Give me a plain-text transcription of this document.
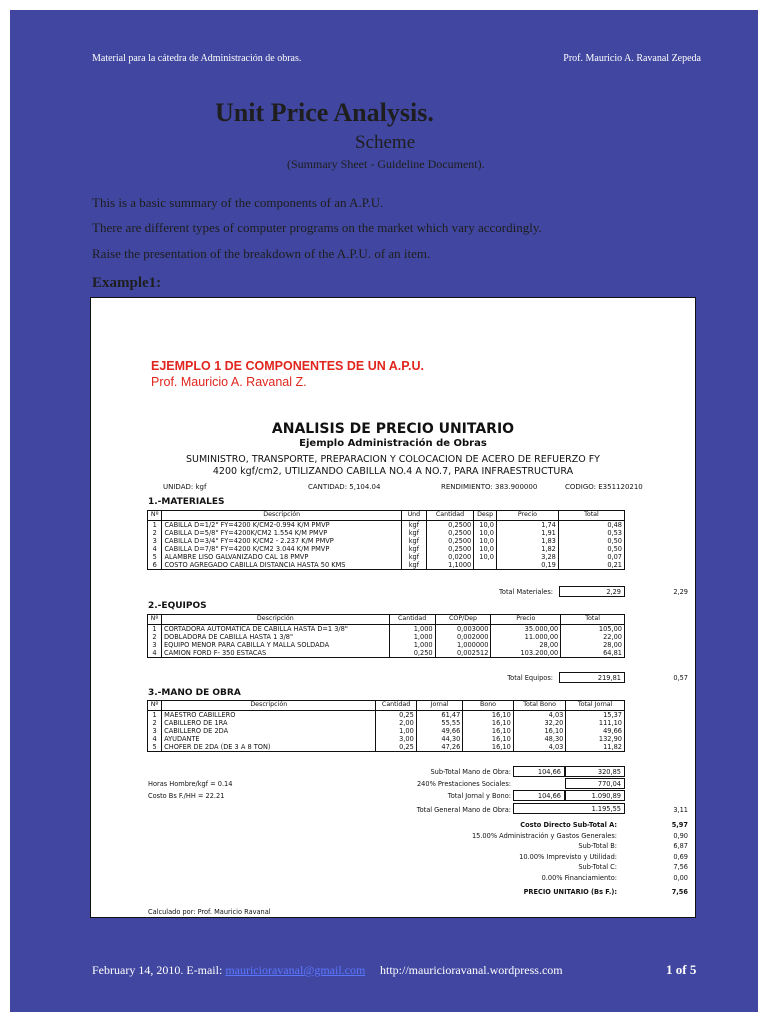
Material para la cátedra de Administración de obras.	Prof. Mauricio A. Ravanal Zepeda
Unit Price Analysis.
Scheme
(Summary Sheet - Guideline Document).
This is a basic summary of the components of an A.P.U.
There are different types of computer programs on the market which vary accordingly.
Raise the presentation of the breakdown of the A.P.U. of an item.
Example1:
EJEMPLO 1 DE COMPONENTES DE UN A.P.U.
Prof. Mauricio A. Ravanal Z.
ANALISIS DE PRECIO UNITARIO
Ejemplo Administración de Obras
SUMINISTRO, TRANSPORTE, PREPARACION Y COLOCACION DE ACERO DE REFUERZO FY
4200 kgf/cm2, UTILIZANDO CABILLA NO.4 A NO.7, PARA INFRAESTRUCTURA
UNIDAD: kgf	CANTIDAD: 5,104.04	RENDIMIENTO: 383.900000	CODIGO: E351120210
1.-MATERIALES
Nº	Descripción	Und	Cantidad	Desp	Precio	Total
1	CABILLA D=1/2" FY=4200 K/CM2-0.994 K/M PMVP	kgf	0,2500	10,0	1,74	0,48
2	CABILLA D=5/8" FY=4200K/CM2 1.554 K/M PMVP	kgf	0,2500	10,0	1,91	0,53
3	CABILLA D=3/4" FY=4200 K/CM2 - 2.237 K/M PMVP	kgf	0,2500	10,0	1,83	0,50
4	CABILLA D=7/8" FY=4200 K/CM2 3.044 K/M PMVP	kgf	0,2500	10,0	1,82	0,50
5	ALAMBRE LISO GALVANIZADO CAL 18 PMVP	kgf	0,0200	10,0	3,28	0,07
6	COSTO AGREGADO CABILLA DISTANCIA HASTA 50 KMS	kgf	1,1000		0,19	0,21
Total Materiales:	2,29	2,29
2.-EQUIPOS
Nº	Descripción	Cantidad	COP/Dep	Precio	Total
1	CORTADORA AUTOMATICA DE CABILLA HASTA D=1 3/8"	1,000	0,003000	35.000,00	105,00
2	DOBLADORA DE CABILLA HASTA 1 3/8"	1,000	0,002000	11.000,00	22,00
3	EQUIPO MENOR PARA CABILLA Y MALLA SOLDADA	1,000	1,000000	28,00	28,00
4	CAMION FORD F- 350 ESTACAS	0,250	0,002512	103.200,00	64,81
Total Equipos:	219,81	0,57
3.-MANO DE OBRA
Nº	Descripción	Cantidad	Jornal	Bono	Total Bono	Total Jornal
1	MAESTRO CABILLERO	0,25	61,47	16,10	4,03	15,37
2	CABILLERO DE 1RA	2,00	55,55	16,10	32,20	111,10
3	CABILLERO DE 2DA	1,00	49,66	16,10	16,10	49,66
4	AYUDANTE	3,00	44,30	16,10	48,30	132,90
5	CHOFER DE 2DA (DE 3 A 8 TON)	0,25	47,26	16,10	4,03	11,82
Sub-Total Mano de Obra:	104,66	320,85
240% Prestaciones Sociales:	770,04
Total Jornal y Bono:	104,66	1.090,89
Total General Mano de Obra:	1.195,55	3,11
Horas Hombre/kgf = 0.14
Costo Bs F./HH = 22.21
Costo Directo Sub-Total A:	5,97
15.00% Administración y Gastos Generales:	0,90
Sub-Total B:	6,87
10.00% Imprevisto y Utilidad:	0,69
Sub-Total C:	7,56
0.00% Financiamiento:	0,00
PRECIO UNITARIO (Bs F.):	7,56
Calculado por: Prof. Mauricio Ravanal
February 14, 2010. E-mail: mauricioravanal@gmail.com http://mauricioravanal.wordpress.com	1 of 5
